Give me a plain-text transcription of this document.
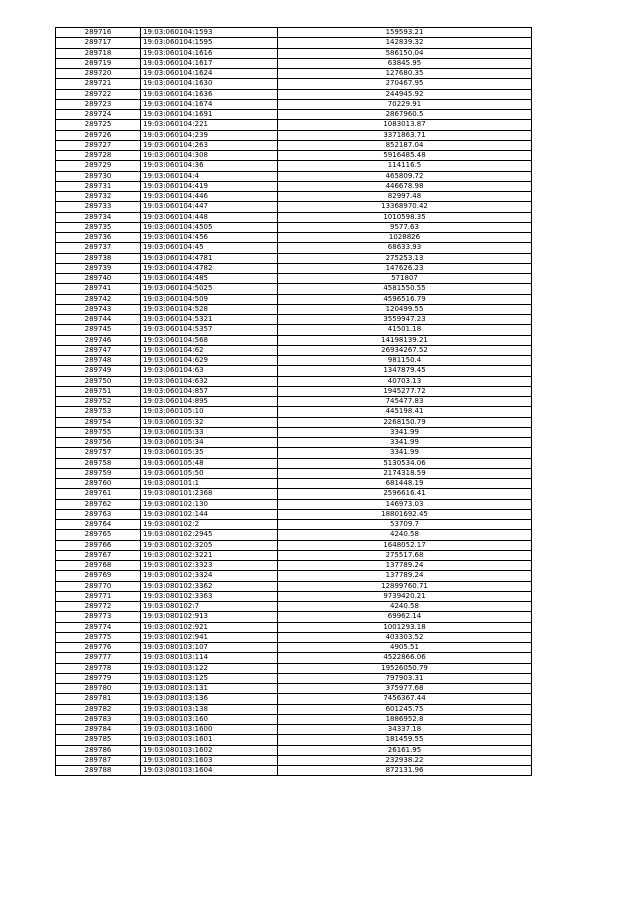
289716	19:03:060104:1593	159593.21
289717	19:03:060104:1595	142839.32
289718	19:03:060104:1616	586150.04
289719	19:03:060104:1617	63845.95
289720	19:03:060104:1624	127680.35
289721	19:03:060104:1630	270467.95
289722	19:03:060104:1636	244945.92
289723	19:03:060104:1674	70229.91
289724	19:03:060104:1691	2867960.5
289725	19:03:060104:221	1083013.87
289726	19:03:060104:239	3371863.71
289727	19:03:060104:263	852187.04
289728	19:03:060104:308	5916485.48
289729	19:03:060104:36	114116.5
289730	19:03:060104:4	465809.72
289731	19:03:060104:419	446678.98
289732	19:03:060104:446	82997.48
289733	19:03:060104:447	13368970.42
289734	19:03:060104:448	1010598.35
289735	19:03:060104:4505	9577.63
289736	19:03:060104:456	1028826
289737	19:03:060104:45	68633.93
289738	19:03:060104:4781	275253.13
289739	19:03:060104:4782	147626.23
289740	19:03:060104:485	571807
289741	19:03:060104:5025	4581550.55
289742	19:03:060104:509	4596516.79
289743	19:03:060104:528	120499.55
289744	19:03:060104:5321	3559947.23
289745	19:03:060104:5357	41501.18
289746	19:03:060104:568	14198139.21
289747	19:03:060104:62	26934267.52
289748	19:03:060104:629	981150.4
289749	19:03:060104:63	1347879.45
289750	19:03:060104:632	40703.13
289751	19:03:060104:857	1945277.72
289752	19:03:060104:895	745477.83
289753	19:03:060105:10	445198.41
289754	19:03:060105:32	2268150.79
289755	19:03:060105:33	3341.99
289756	19:03:060105:34	3341.99
289757	19:03:060105:35	3341.99
289758	19:03:060105:48	5130534.06
289759	19:03:060105:50	2174318.59
289760	19:03:080101:1	681448.19
289761	19:03:080101:2368	2596616.41
289762	19:03:080102:130	146973.03
289763	19:03:080102:144	18801692.45
289764	19:03:080102:2	53709.7
289765	19:03:080102:2945	4240.58
289766	19:03:080102:3205	1648052.17
289767	19:03:080102:3221	275517.68
289768	19:03:080102:3323	137789.24
289769	19:03:080102:3324	137789.24
289770	19:03:080102:3362	12899760.71
289771	19:03:080102:3363	9739420.21
289772	19:03:080102:7	4240.58
289773	19:03:080102:913	69962.14
289774	19:03:080102:921	1001293.18
289775	19:03:080102:941	403303.52
289776	19:03:080103:107	4905.51
289777	19:03:080103:114	4522866.06
289778	19:03:080103:122	19526050.79
289779	19:03:080103:125	797903.31
289780	19:03:080103:131	375977.68
289781	19:03:080103:136	7456367.44
289782	19:03:080103:138	601245.75
289783	19:03:080103:160	1886952.8
289784	19:03:080103:1600	34337.18
289785	19:03:080103:1601	181459.55
289786	19:03:080103:1602	26161.95
289787	19:03:080103:1603	232938.22
289788	19:03:080103:1604	872131.96
